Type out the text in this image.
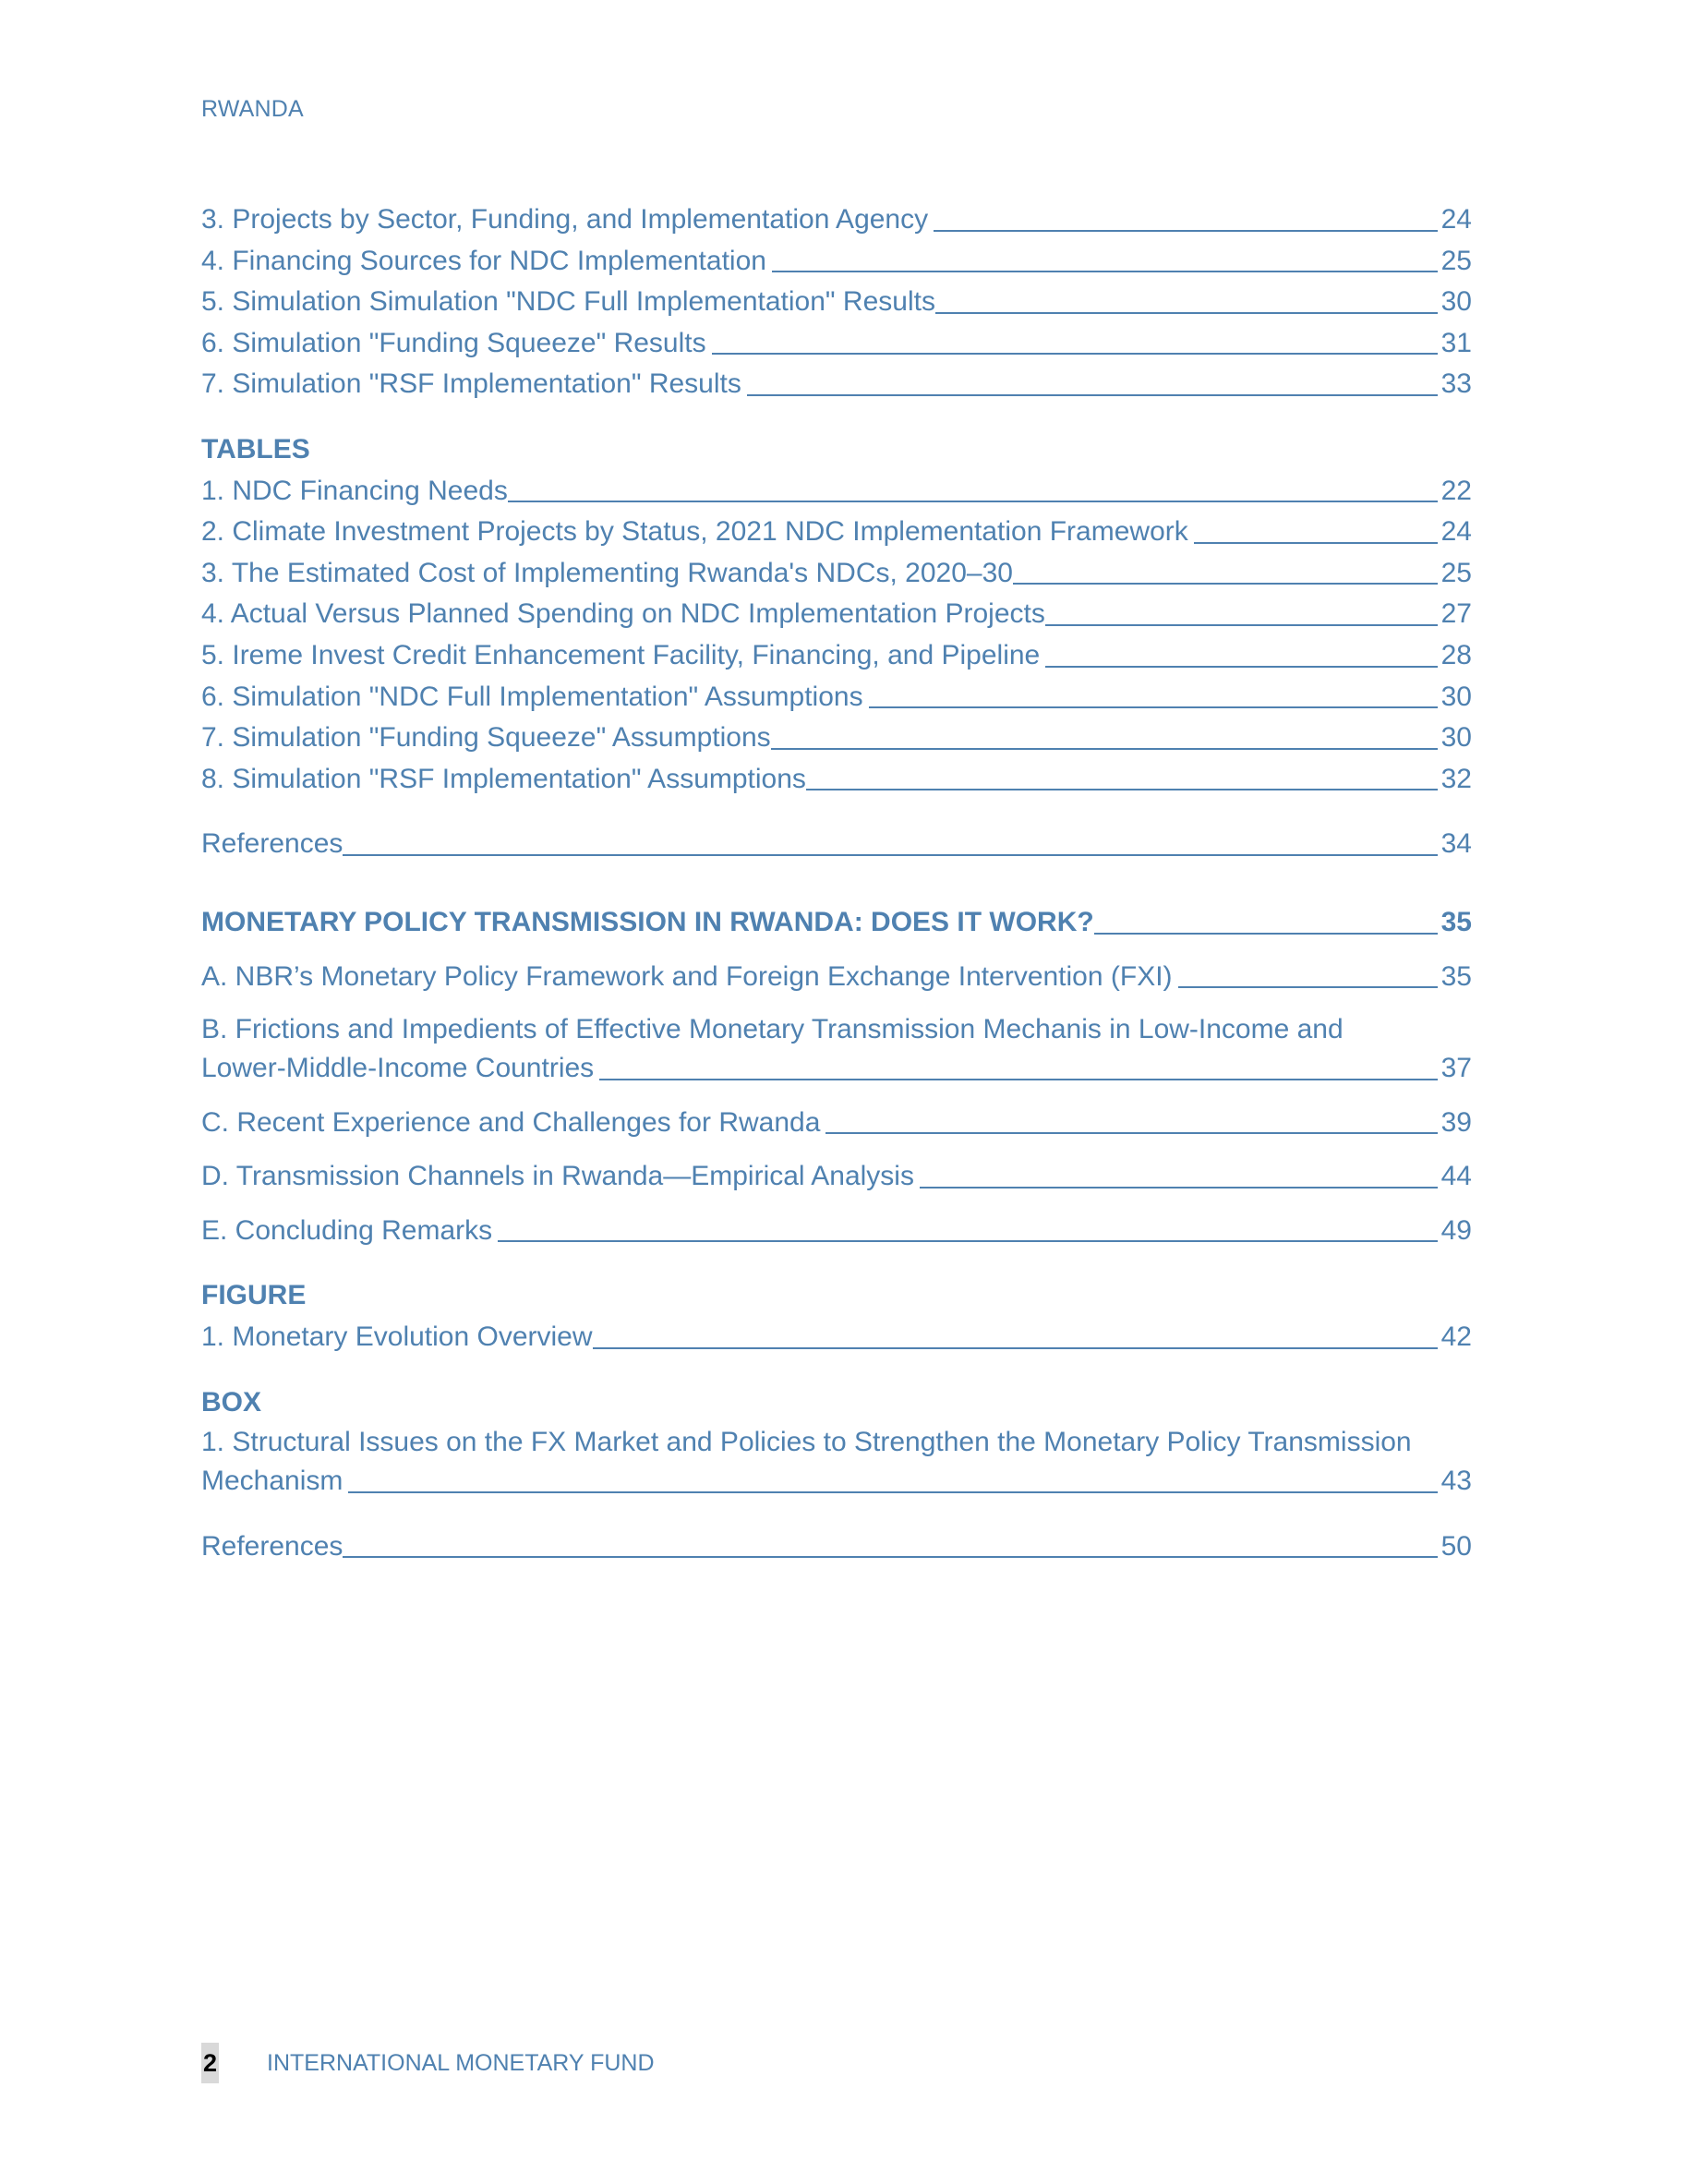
RWANDA
3. Projects by Sector, Funding, and Implementation Agency	24
4. Financing Sources for NDC Implementation	25
5. Simulation Simulation "NDC Full Implementation" Results	30
6. Simulation "Funding Squeeze" Results	31
7. Simulation "RSF Implementation" Results	33
TABLES
1. NDC Financing Needs	22
2. Climate Investment Projects by Status, 2021 NDC Implementation Framework	24
3. The Estimated Cost of Implementing Rwanda's NDCs, 2020–30	25
4. Actual Versus Planned Spending on NDC Implementation Projects	27
5. Ireme Invest Credit Enhancement Facility, Financing, and Pipeline	28
6. Simulation "NDC Full Implementation" Assumptions	30
7. Simulation "Funding Squeeze" Assumptions	30
8. Simulation "RSF Implementation" Assumptions	32
References	34
MONETARY POLICY TRANSMISSION IN RWANDA: DOES IT WORK?	35
A. NBR’s Monetary Policy Framework and Foreign Exchange Intervention (FXI)	35
B. Frictions and Impedients of Effective Monetary Transmission Mechanis in Low-Income and
Lower-Middle-Income Countries	37
C. Recent Experience and Challenges for Rwanda	39
D. Transmission Channels in Rwanda—Empirical Analysis	44
E. Concluding Remarks	49
FIGURE
1. Monetary Evolution Overview	42
BOX
1. Structural Issues on the FX Market and Policies to Strengthen the Monetary Policy Transmission
Mechanism	43
References	50
2 INTERNATIONAL MONETARY FUND
